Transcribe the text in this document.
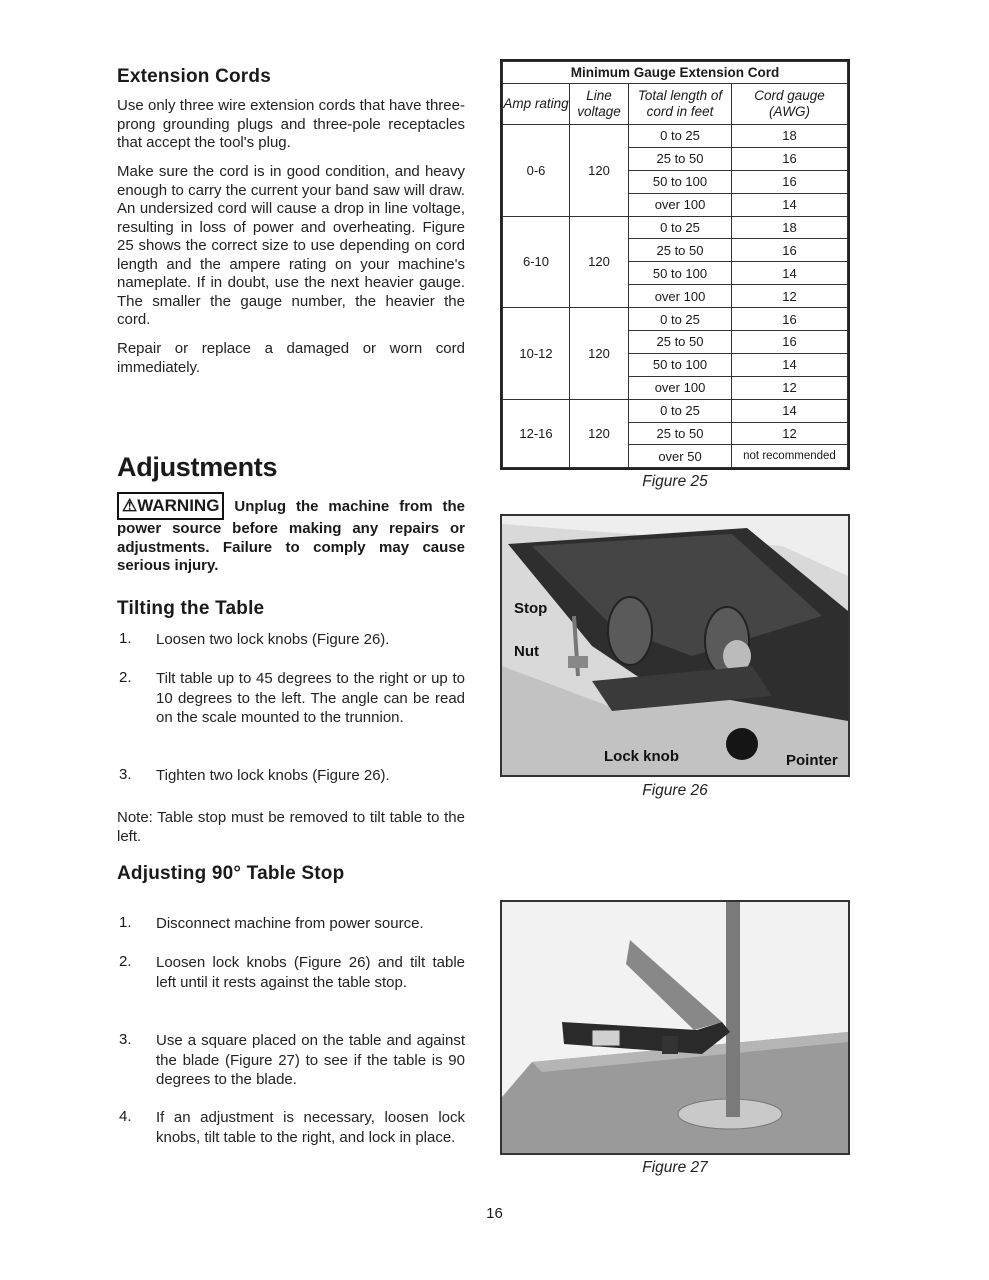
Extension Cords
Use only three wire extension cords that have three-prong grounding plugs and three-pole receptacles that accept the tool's plug.
Make sure the cord is in good condition, and heavy enough to carry the current your band saw will draw. An undersized cord will cause a drop in line voltage, resulting in loss of power and overheating. Figure 25 shows the correct size to use depending on cord length and the ampere rating on your machine's nameplate. If in doubt, use the next heavier gauge. The smaller the gauge number, the heavier the cord.
Repair or replace a damaged or worn cord immediately.
Adjustments
⚠WARNING Unplug the machine from the power source before making any repairs or adjustments. Failure to comply may cause serious injury.
Tilting the Table
1. Loosen two lock knobs (Figure 26).
2. Tilt table up to 45 degrees to the right or up to 10 degrees to the left. The angle can be read on the scale mounted to the trunnion.
3. Tighten two lock knobs (Figure 26).
Note: Table stop must be removed to tilt table to the left.
Adjusting 90° Table Stop
1. Disconnect machine from power source.
2. Loosen lock knobs (Figure 26) and tilt table left until it rests against the table stop.
3. Use a square placed on the table and against the blade (Figure 27) to see if the table is 90 degrees to the blade.
4. If an adjustment is necessary, loosen lock knobs, tilt table to the right, and lock in place.
Minimum Gauge Extension Cord			
Amp rating	Line voltage	Total length of cord in feet	Cord gauge (AWG)
0-6	120	0 to 25	18
		25 to 50	16
		50 to 100	16
		over 100	14
6-10	120	0 to 25	18
		25 to 50	16
		50 to 100	14
		over 100	12
10-12	120	0 to 25	16
		25 to 50	16
		50 to 100	14
		over 100	12
12-16	120	0 to 25	14
		25 to 50	12
		over 50	not recommended
Figure 25
Stop
Nut
Lock knob	Pointer
Figure 26
Figure 27
16
